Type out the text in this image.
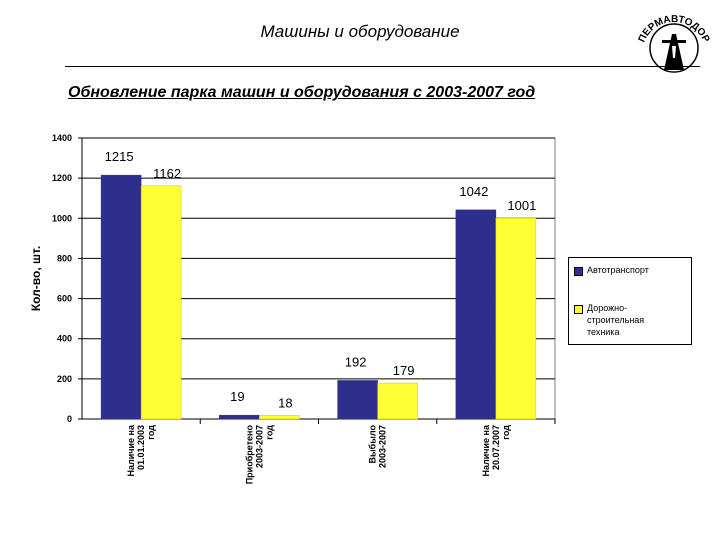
Машины и оборудование	ПЕРМАВТОДОР
Обновление парка машин и оборудования с 2003-2007 год
0
200
400
600
800
1000
1200
1400
Кол-во, шт.
1215
1162
Наличие на 01.01.2003 год
19	18
Приобретено 2003-2007 год
192
179
Выбыло 2003-2007
1042
1001
Наличие на 20.07.2007 год
Автотранспорт
Дорожно-
строительная
техника
